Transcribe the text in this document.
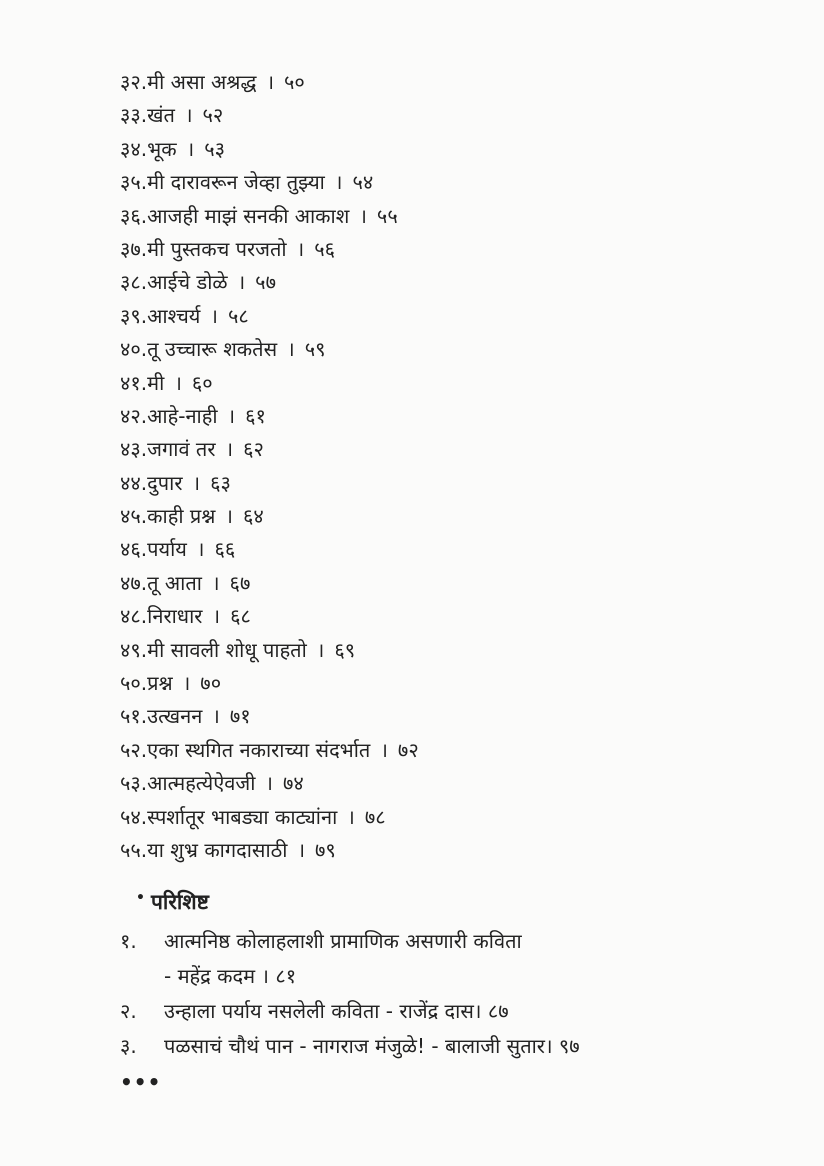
३२. मी असा अश्रद्ध । ५०
३३. खंत । ५२
३४. भूक । ५३
३५. मी दारावरून जेव्हा तुझ्या । ५४
३६. आजही माझं सनकी आकाश । ५५
३७. मी पुस्तकच परजतो । ५६
३८. आईचे डोळे । ५७
३९. आश्चर्य । ५८
४०. तू उच्चारू शकतेस । ५९
४१. मी । ६०
४२. आहे-नाही । ६१
४३. जगावं तर । ६२
४४. दुपार । ६३
४५. काही प्रश्न । ६४
४६. पर्याय । ६६
४७. तू आता । ६७
४८. निराधार । ६८
४९. मी सावली शोधू पाहतो । ६९
५०. प्रश्न । ७०
५१. उत्खनन । ७१
५२. एका स्थगित नकाराच्या संदर्भात । ७२
५३. आत्महत्येऐवजी । ७४
५४. स्पर्शातूर भाबड्या काट्यांना । ७८
५५. या शुभ्र कागदासाठी । ७९
• परिशिष्ट
१.	आत्मनिष्ठ कोलाहलाशी प्रामाणिक असणारी कविता
- महेंद्र कदम । ८१
२.	उन्हाला पर्याय नसलेली कविता - राजेंद्र दास। ८७
३.	पळसाचं चौथं पान - नागराज मंजुळे! - बालाजी सुतार। ९७
•••
